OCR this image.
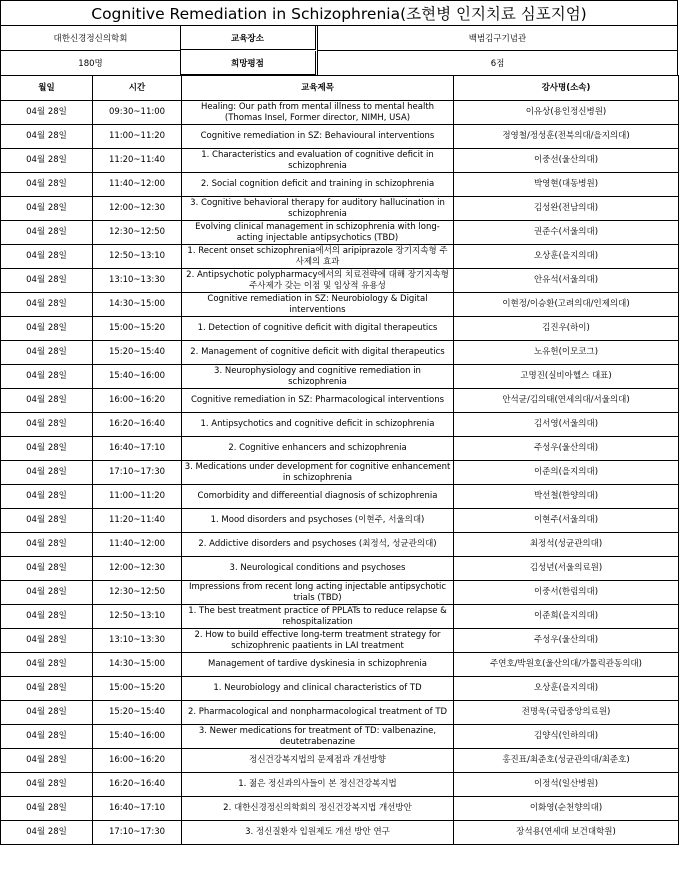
Cognitive Remediation in Schizophrenia(조현병 인지치료 심포지엄)
대한신경정신의학회	교육장소	백범김구기념관
180명	희망평점	6점
월일	시간	교육제목	강사명(소속)
04월 28일	09:30~11:00	Healing: Our path from mental illness to mental health (Thomas Insel, Former director, NIMH, USA)	이유상(용인정신병원)
04월 28일	11:00~11:20	Cognitive remediation in SZ: Behavioural interventions	정영철/정성훈(전북의대/을지의대)
04월 28일	11:20~11:40	1. Characteristics and evaluation of cognitive deficit in schizophrenia	이중선(울산의대)
04월 28일	11:40~12:00	2. Social cognition deficit and training in schizophrenia	박영현(대동병원)
04월 28일	12:00~12:30	3. Cognitive behavioral therapy for auditory hallucination in schizophrenia	김성완(전남의대)
04월 28일	12:30~12:50	Evolving clinical management in schizophrenia with long-acting injectable antipsychotics (TBD)	권준수(서울의대)
04월 28일	12:50~13:10	1. Recent onset schizophrenia에서의 aripiprazole 장기지속형 주사제의 효과	오상훈(을지의대)
04월 28일	13:10~13:30	2. Antipsychotic polypharmacy에서의 치료전략에 대해 장기지속형 주사제가 갖는 이점 및 임상적 유용성	안유석(서울의대)
04월 28일	14:30~15:00	Cognitive remediation in SZ: Neurobiology & Digital interventions	이현정/이승환(고려의대/인제의대)
04월 28일	15:00~15:20	1. Detection of cognitive deficit with digital therapeutics	김진우(하이)
04월 28일	15:20~15:40	2. Management of cognitive deficit with digital therapeutics	노유헌(이모코그)
04월 28일	15:40~16:00	3. Neurophysiology and cognitive remediation in schizophrenia	고명진(실비아헬스 대표)
04월 28일	16:00~16:20	Cognitive remediation in SZ: Pharmacological interventions	안석균/김의태(연세의대/서울의대)
04월 28일	16:20~16:40	1. Antipsychotics and cognitive deficit in schizophrenia	김서영(서울의대)
04월 28일	16:40~17:10	2. Cognitive enhancers and schizophrenia	주성우(울산의대)
04월 28일	17:10~17:30	3. Medications under development for cognitive enhancement in schizophrenia	이준의(을지의대)
04월 28일	11:00~11:20	Comorbidity and differeential diagnosis of schizophrenia	박선철(한양의대)
04월 28일	11:20~11:40	1. Mood disorders and psychoses (이현주, 서울의대)	이현주(서울의대)
04월 28일	11:40~12:00	2. Addictive disorders and psychoses (최정석, 성균관의대)	최정석(성균관의대)
04월 28일	12:00~12:30	3. Neurological conditions and psychoses	김성년(서울의료원)
04월 28일	12:30~12:50	Impressions from recent long acting injectable antipsychotic trials (TBD)	이중서(한림의대)
04월 28일	12:50~13:10	1. The best treatment practice of PPLATs to reduce relapse & rehospitalization	이준희(을지의대)
04월 28일	13:10~13:30	2. How to build effective long-term treatment strategy for schizophrenic paatients in LAI treatment	주성우(울산의대)
04월 28일	14:30~15:00	Management of tardive dyskinesia in schizophrenia	주연호/박원호(울산의대/가톨릭관동의대)
04월 28일	15:00~15:20	1. Neurobiology and clinical characteristics of TD	오상훈(을지의대)
04월 28일	15:20~15:40	2. Pharmacological and nonpharmacological treatment of TD	전명욱(국립중앙의료원)
04월 28일	15:40~16:00	3. Newer medications for treatment of TD: valbenazine, deutetrabenazine	김양식(인하의대)
04월 28일	16:00~16:20	정신건강복지법의 문제점과 개선방향	홍진표/최준호(성균관의대/최준호)
04월 28일	16:20~16:40	1. 젊은 정신과의사들이 본 정신건강복지법	이정석(일산병원)
04월 28일	16:40~17:10	2. 대한신경정신의학회의 정신건강복지법 개선방안	이화영(순천향의대)
04월 28일	17:10~17:30	3. 정신질환자 입원제도 개선 방안 연구	장석용(연세대 보건대학원)
